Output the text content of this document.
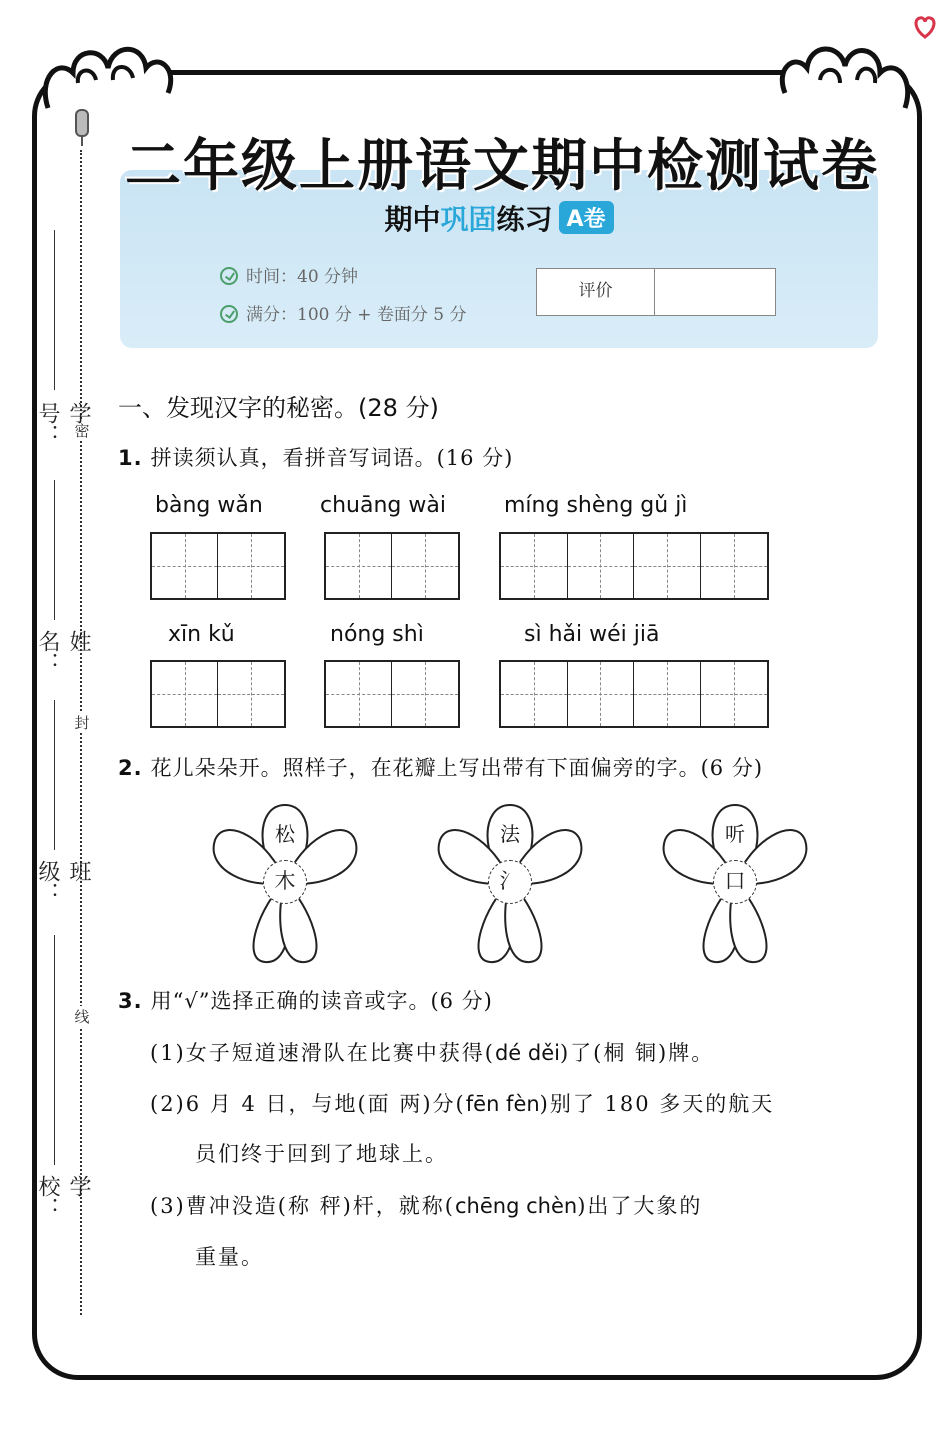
密
封
线
学号：
姓名：
班级：
学校：
期中巩固练习 A卷
时间：40 分钟
满分：100 分 + 卷面分 5 分
评价
二年级上册语文期中检测试卷
一、发现汉字的秘密。(28 分)
1. 拼读须认真，看拼音写词语。(16 分)
bàng wǎn	chuāng wài	míng shèng gǔ jì
xīn kǔ	nóng shì	sì hǎi wéi jiā
2. 花儿朵朵开。照样子，在花瓣上写出带有下面偏旁的字。(6 分)
松
木
法
氵
听
口
3. 用“√”选择正确的读音或字。(6 分)
(1)女子短道速滑队在比赛中获得(dé děi)了(桐 铜)牌。
(2)6 月 4 日，与地(面 两)分(fēn fèn)别了 180 多天的航天
员们终于回到了地球上。
(3)曹冲没造(称 秤)杆，就称(chēng chèn)出了大象的
重量。
